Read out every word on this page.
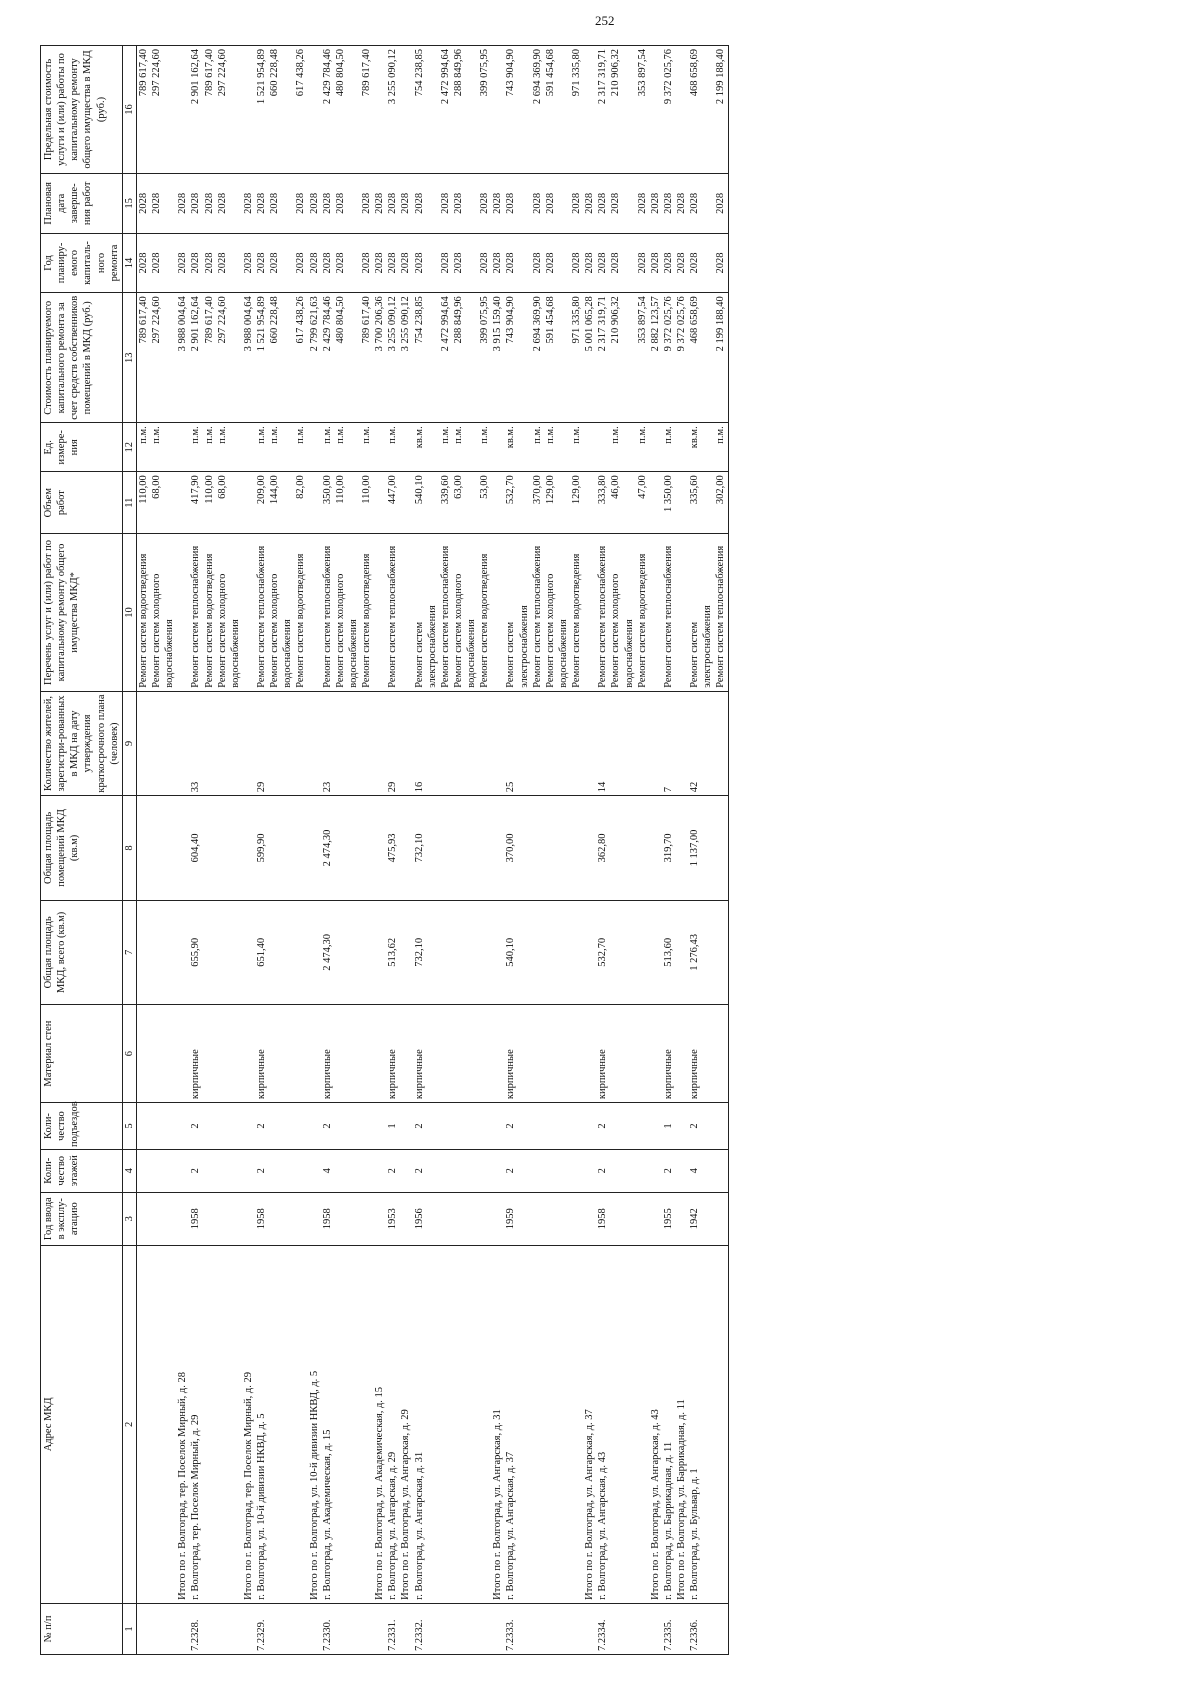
252
№ п/п	Адрес МКД	Год ввода в эксплу-атацию	Коли-чество этажей	Коли-чество подъездов	Материал стен	Общая площадь МКД, всего (кв.м)	Общая площадь помещений МКД (кв.м)	Количество жителей, зарегистри-рованных в МКД на дату утверждения краткосрочного плана (человек)	Перечень услуг и (или) работ по капитальному ремонту общего имущества МКД*	Объем работ	Ед. измере-ния	Стоимость планируемого капитального ремонта за счет средств собственников помещений в МКД (руб.)	Год планиру-емого капиталь-ного ремонта	Плановая дата заверше-ния работ	Предельная стоимость услуги и (или) работы по капитальному ремонту общего имущества в МКД (руб.)
1	2	3	4	5	6	7	8	9	10	11	12	13	14	15	16
									Ремонт систем водоотведения	110,00	п.м.	789 617,40	2028	2028	789 617,40
									Ремонт систем холодного водоснабжения	68,00	п.м.	297 224,60	2028	2028	297 224,60
	Итого по г. Волгоград, тер. Поселок Мирный, д. 28											3 988 004,64	2028	2028	
7.2328.	г. Волгоград, тер. Поселок Мирный, д. 29	1958	2	2	кирпичные	655,90	604,40	33	Ремонт систем теплоснабжения	417,90	п.м.	2 901 162,64	2028	2028	2 901 162,64
									Ремонт систем водоотведения	110,00	п.м.	789 617,40	2028	2028	789 617,40
									Ремонт систем холодного водоснабжения	68,00	п.м.	297 224,60	2028	2028	297 224,60
	Итого по г. Волгоград, тер. Поселок Мирный, д. 29											3 988 004,64	2028	2028	
7.2329.	г. Волгоград, ул. 10-й дивизии НКВД, д. 5	1958	2	2	кирпичные	651,40	599,90	29	Ремонт систем теплоснабжения	209,00	п.м.	1 521 954,89	2028	2028	1 521 954,89
									Ремонт систем холодного водоснабжения	144,00	п.м.	660 228,48	2028	2028	660 228,48
									Ремонт систем водоотведения	82,00	п.м.	617 438,26	2028	2028	617 438,26
	Итого по г. Волгоград, ул. 10-й дивизии НКВД, д. 5											2 799 621,63	2028	2028	
7.2330.	г. Волгоград, ул. Академическая, д. 15	1958	4	2	кирпичные	2 474,30	2 474,30	23	Ремонт систем теплоснабжения	350,00	п.м.	2 429 784,46	2028	2028	2 429 784,46
									Ремонт систем холодного водоснабжения	110,00	п.м.	480 804,50	2028	2028	480 804,50
									Ремонт систем водоотведения	110,00	п.м.	789 617,40	2028	2028	789 617,40
	Итого по г. Волгоград, ул. Академическая, д. 15											3 700 206,36	2028	2028	
7.2331.	г. Волгоград, ул. Ангарская, д. 29	1953	2	1	кирпичные	513,62	475,93	29	Ремонт систем теплоснабжения	447,00	п.м.	3 255 090,12	2028	2028	3 255 090,12
	Итого по г. Волгоград, ул. Ангарская, д. 29											3 255 090,12	2028	2028	
7.2332.	г. Волгоград, ул. Ангарская, д. 31	1956	2	2	кирпичные	732,10	732,10	16	Ремонт систем электроснабжения	540,10	кв.м.	754 238,85	2028	2028	754 238,85
									Ремонт систем теплоснабжения	339,60	п.м.	2 472 994,64	2028	2028	2 472 994,64
									Ремонт систем холодного водоснабжения	63,00	п.м.	288 849,96	2028	2028	288 849,96
									Ремонт систем водоотведения	53,00	п.м.	399 075,95	2028	2028	399 075,95
	Итого по г. Волгоград, ул. Ангарская, д. 31											3 915 159,40	2028	2028	
7.2333.	г. Волгоград, ул. Ангарская, д. 37	1959	2	2	кирпичные	540,10	370,00	25	Ремонт систем электроснабжения	532,70	кв.м.	743 904,90	2028	2028	743 904,90
									Ремонт систем теплоснабжения	370,00	п.м.	2 694 369,90	2028	2028	2 694 369,90
									Ремонт систем холодного водоснабжения	129,00	п.м.	591 454,68	2028	2028	591 454,68
									Ремонт систем водоотведения	129,00	п.м.	971 335,80	2028	2028	971 335,80
	Итого по г. Волгоград, ул. Ангарская, д. 37											5 001 065,28	2028	2028	
7.2334.	г. Волгоград, ул. Ангарская, д. 43	1958	2	2	кирпичные	532,70	362,80	14	Ремонт систем теплоснабжения	333,80		2 317 319,71	2028	2028	2 317 319,71
									Ремонт систем холодного водоснабжения	46,00	п.м.	210 906,32	2028	2028	210 906,32
									Ремонт систем водоотведения	47,00	п.м.	353 897,54	2028	2028	353 897,54
	Итого по г. Волгоград, ул. Ангарская, д. 43											2 882 123,57	2028	2028	
7.2335.	г. Волгоград, ул. Баррикадная, д. 11	1955	2	1	кирпичные	513,60	319,70	7	Ремонт систем теплоснабжения	1 350,00	п.м.	9 372 025,76	2028	2028	9 372 025,76
	Итого по г. Волгоград, ул. Баррикадная, д. 11											9 372 025,76	2028	2028	
7.2336.	г. Волгоград, ул. Бульвар, д. 1	1942	4	2	кирпичные	1 276,43	1 137,00	42	Ремонт систем электроснабжения	335,60	кв.м.	468 658,69	2028	2028	468 658,69
									Ремонт систем теплоснабжения	302,00	п.м.	2 199 188,40	2028	2028	2 199 188,40
